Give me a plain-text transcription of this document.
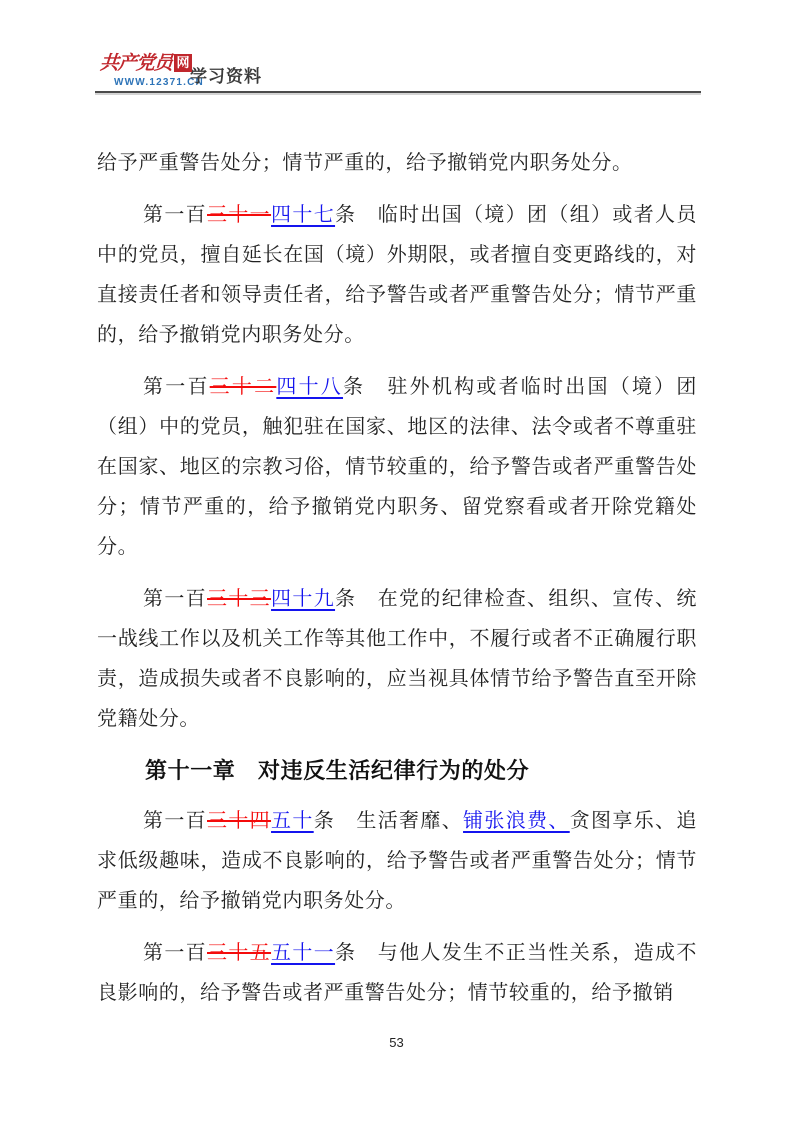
共产党员 网
WWW.12371.CN
学习资料

给予严重警告处分；情节严重的，给予撤销党内职务处分。

第一百三十一四十七条　临时出国（境）团（组）或者人员中的党员，擅自延长在国（境）外期限，或者擅自变更路线的，对直接责任者和领导责任者，给予警告或者严重警告处分；情节严重的，给予撤销党内职务处分。

第一百三十二四十八条　驻外机构或者临时出国（境）团（组）中的党员，触犯驻在国家、地区的法律、法令或者不尊重驻在国家、地区的宗教习俗，情节较重的，给予警告或者严重警告处分；情节严重的，给予撤销党内职务、留党察看或者开除党籍处分。

第一百三十三四十九条　在党的纪律检查、组织、宣传、统一战线工作以及机关工作等其他工作中，不履行或者不正确履行职责，造成损失或者不良影响的，应当视具体情节给予警告直至开除党籍处分。

第十一章　对违反生活纪律行为的处分

第一百三十四五十条　生活奢靡、铺张浪费、贪图享乐、追求低级趣味，造成不良影响的，给予警告或者严重警告处分；情节严重的，给予撤销党内职务处分。

第一百三十五五十一条　与他人发生不正当性关系，造成不良影响的，给予警告或者严重警告处分；情节较重的，给予撤销

53
